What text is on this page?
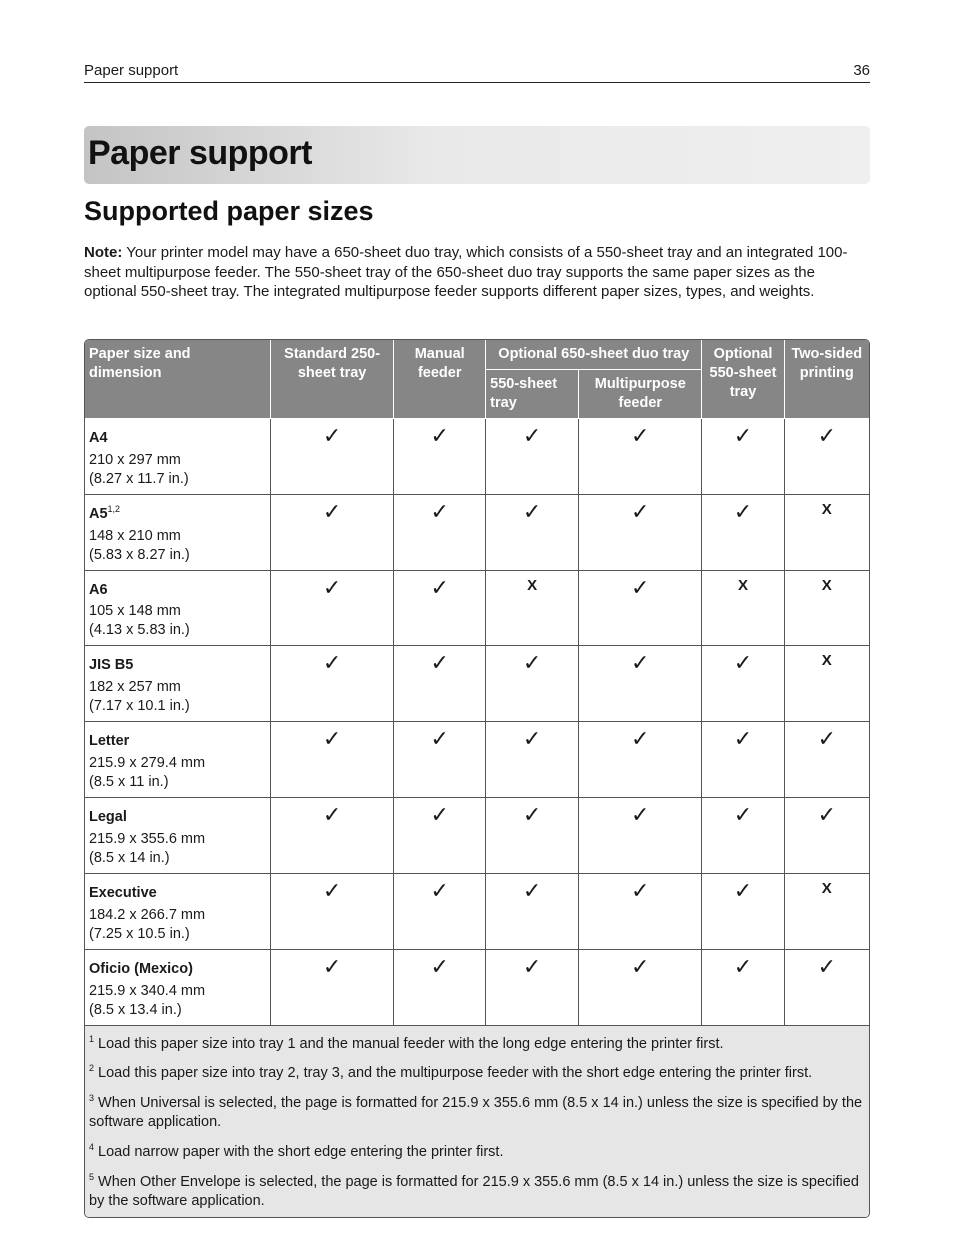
Paper support	36
Paper support
Supported paper sizes

Note: Your printer model may have a 650-sheet duo tray, which consists of a 550-sheet tray and an integrated 100-sheet multipurpose feeder. The 550-sheet tray of the 650-sheet duo tray supports the same paper sizes as the optional 550-sheet tray. The integrated multipurpose feeder supports different paper sizes, types, and weights.

Paper size and dimension	Standard 250-sheet tray	Manual feeder	Optional 650-sheet duo tray		Optional 550-sheet tray	Two-sided printing
			550-sheet tray	Multipurpose feeder		

A4
210 x 297 mm
(8.27 x 11.7 in.)	✓	✓	✓	✓	✓	✓

A5$^{1,2}$
148 x 210 mm
(5.83 x 8.27 in.)	✓	✓	✓	✓	✓	X

A6
105 x 148 mm
(4.13 x 5.83 in.)	✓	✓	X	✓	X	X

JIS B5
182 x 257 mm
(7.17 x 10.1 in.)	✓	✓	✓	✓	✓	X

Letter
215.9 x 279.4 mm
(8.5 x 11 in.)	✓	✓	✓	✓	✓	✓

Legal
215.9 x 355.6 mm
(8.5 x 14 in.)	✓	✓	✓	✓	✓	✓

Executive
184.2 x 266.7 mm
(7.25 x 10.5 in.)	✓	✓	✓	✓	✓	X

Oficio (Mexico)
215.9 x 340.4 mm
(8.5 x 13.4 in.)	✓	✓	✓	✓	✓	✓

$^1$ Load this paper size into tray 1 and the manual feeder with the long edge entering the printer first.

$^2$ Load this paper size into tray 2, tray 3, and the multipurpose feeder with the short edge entering the printer first.

$^3$ When Universal is selected, the page is formatted for 215.9 x 355.6 mm (8.5 x 14 in.) unless the size is specified by the software application.

$^4$ Load narrow paper with the short edge entering the printer first.

$^5$ When Other Envelope is selected, the page is formatted for 215.9 x 355.6 mm (8.5 x 14 in.) unless the size is specified by the software application.						
